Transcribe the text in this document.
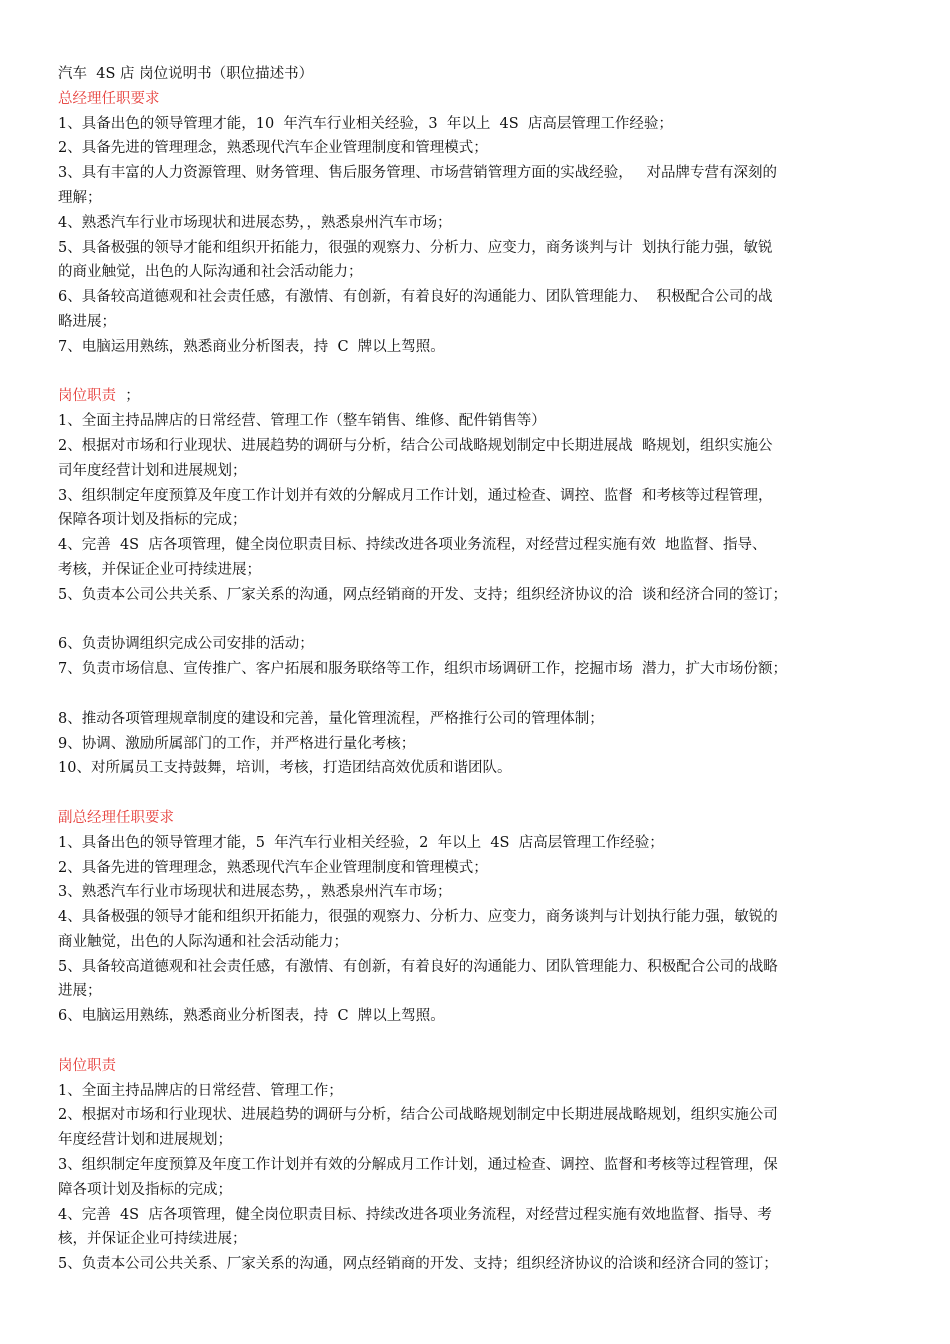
汽车  4S 店 岗位说明书（职位描述书）
总经理任职要求
1、具备出色的领导管理才能，10  年汽车行业相关经验，3  年以上  4S  店高层管理工作经验；
2、具备先进的管理理念，熟悉现代汽车企业管理制度和管理模式；
3、具有丰富的人力资源管理、财务管理、售后服务管理、市场营销管理方面的实战经验，   对品牌专营有深刻的
理解；
4、熟悉汽车行业市场现状和进展态势，，熟悉泉州汽车市场；
5、具备极强的领导才能和组织开拓能力，很强的观察力、分析力、应变力，商务谈判与计  划执行能力强，敏锐
的商业触觉，出色的人际沟通和社会活动能力；
6、具备较高道德观和社会责任感，有激情、有创新，有着良好的沟通能力、团队管理能力、  积极配合公司的战
略进展；
7、电脑运用熟练，熟悉商业分析图表，持  C  牌以上驾照。
岗位职责  ；
1、全面主持品牌店的日常经营、管理工作（整车销售、维修、配件销售等）
2、根据对市场和行业现状、进展趋势的调研与分析，结合公司战略规划制定中长期进展战  略规划，组织实施公
司年度经营计划和进展规划；
3、组织制定年度预算及年度工作计划并有效的分解成月工作计划，通过检查、调控、监督  和考核等过程管理，
保障各项计划及指标的完成；
4、完善  4S  店各项管理，健全岗位职责目标、持续改进各项业务流程，对经营过程实施有效  地监督、指导、
考核，并保证企业可持续进展；
5、负责本公司公共关系、厂家关系的沟通，网点经销商的开发、支持；组织经济协议的洽  谈和经济合同的签订；
6、负责协调组织完成公司安排的活动；
7、负责市场信息、宣传推广、客户拓展和服务联络等工作，组织市场调研工作，挖掘市场  潜力，扩大市场份额；
8、推动各项管理规章制度的建设和完善，量化管理流程，严格推行公司的管理体制；
9、协调、激励所属部门的工作，并严格进行量化考核；
10、对所属员工支持鼓舞，培训，考核，打造团结高效优质和谐团队。
副总经理任职要求
1、具备出色的领导管理才能，5  年汽车行业相关经验，2  年以上  4S  店高层管理工作经验；
2、具备先进的管理理念，熟悉现代汽车企业管理制度和管理模式；
3、熟悉汽车行业市场现状和进展态势，，熟悉泉州汽车市场；
4、具备极强的领导才能和组织开拓能力，很强的观察力、分析力、应变力，商务谈判与计划执行能力强，敏锐的
商业触觉，出色的人际沟通和社会活动能力；
5、具备较高道德观和社会责任感，有激情、有创新，有着良好的沟通能力、团队管理能力、积极配合公司的战略
进展；
6、电脑运用熟练，熟悉商业分析图表，持  C  牌以上驾照。
岗位职责
1、全面主持品牌店的日常经营、管理工作；
2、根据对市场和行业现状、进展趋势的调研与分析，结合公司战略规划制定中长期进展战略规划，组织实施公司
年度经营计划和进展规划；
3、组织制定年度预算及年度工作计划并有效的分解成月工作计划，通过检查、调控、监督和考核等过程管理，保
障各项计划及指标的完成；
4、完善  4S  店各项管理，健全岗位职责目标、持续改进各项业务流程，对经营过程实施有效地监督、指导、考
核，并保证企业可持续进展；
5、负责本公司公共关系、厂家关系的沟通，网点经销商的开发、支持；组织经济协议的洽谈和经济合同的签订；
